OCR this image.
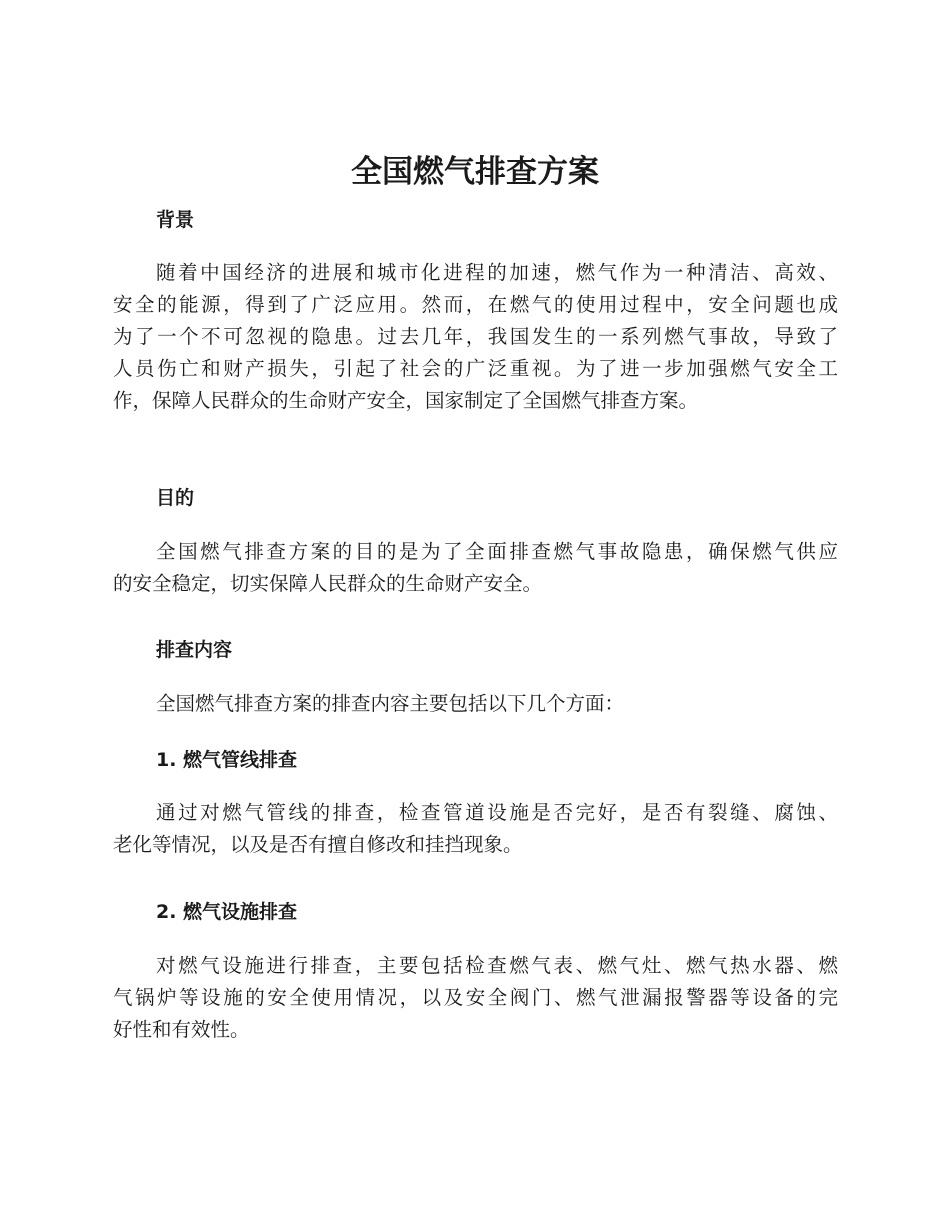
全国燃气排查方案
背景

随着中国经济的进展和城市化进程的加速，燃气作为一种清洁、高效、
安全的能源，得到了广泛应用。然而，在燃气的使用过程中，安全问题也成
为了一个不可忽视的隐患。过去几年，我国发生的一系列燃气事故，导致了
人员伤亡和财产损失，引起了社会的广泛重视。为了进一步加强燃气安全工
作，保障人民群众的生命财产安全，国家制定了全国燃气排查方案。

目的

全国燃气排查方案的目的是为了全面排查燃气事故隐患，确保燃气供应
的安全稳定，切实保障人民群众的生命财产安全。

排查内容

全国燃气排查方案的排查内容主要包括以下几个方面：

1. 燃气管线排查

通过对燃气管线的排查，检查管道设施是否完好，是否有裂缝、腐蚀、
老化等情况，以及是否有擅自修改和挂挡现象。

2. 燃气设施排查

对燃气设施进行排查，主要包括检查燃气表、燃气灶、燃气热水器、燃
气锅炉等设施的安全使用情况，以及安全阀门、燃气泄漏报警器等设备的完
好性和有效性。
